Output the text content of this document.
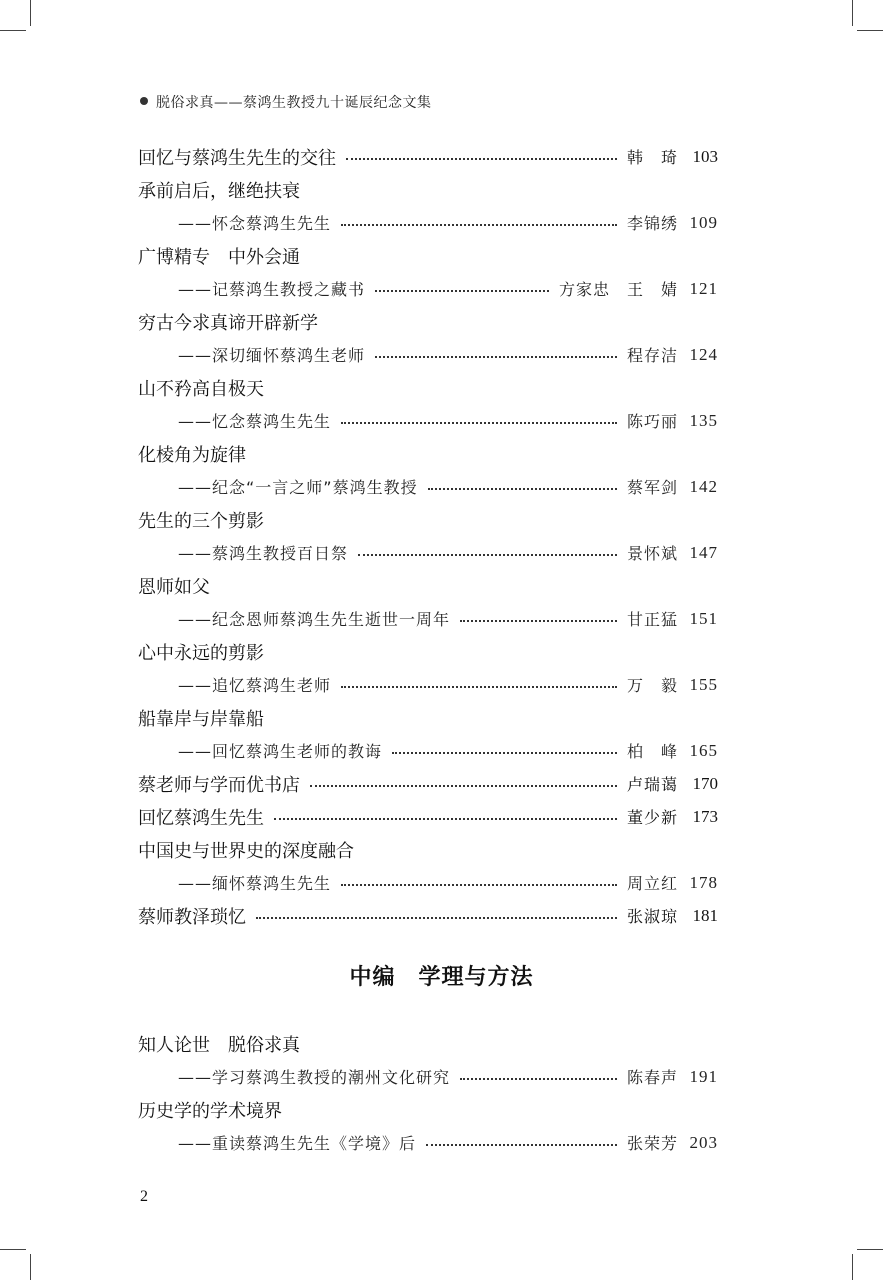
脱俗求真——蔡鸿生教授九十诞辰纪念文集
回忆与蔡鸿生先生的交往	韩　琦 103
承前启后，继绝扶衰
——怀念蔡鸿生先生	李锦绣 109
广博精专　中外会通
——记蔡鸿生教授之藏书	方家忠　王　婧 121
穷古今求真谛开辟新学
——深切缅怀蔡鸿生老师	程存洁 124
山不矜高自极天
——忆念蔡鸿生先生	陈巧丽 135
化棱角为旋律
——纪念“一言之师”蔡鸿生教授	蔡军剑 142
先生的三个剪影
——蔡鸿生教授百日祭	景怀斌 147
恩师如父
——纪念恩师蔡鸿生先生逝世一周年	甘正猛 151
心中永远的剪影
——追忆蔡鸿生老师	万　毅 155
船靠岸与岸靠船
——回忆蔡鸿生老师的教诲	柏　峰 165
蔡老师与学而优书店	卢瑞蔼 170
回忆蔡鸿生先生	董少新 173
中国史与世界史的深度融合
——缅怀蔡鸿生先生	周立红 178
蔡师教泽琐忆	张淑琼 181
中编　学理与方法
知人论世　脱俗求真
——学习蔡鸿生教授的潮州文化研究	陈春声 191
历史学的学术境界
——重读蔡鸿生先生《学境》后	张荣芳 203
2
